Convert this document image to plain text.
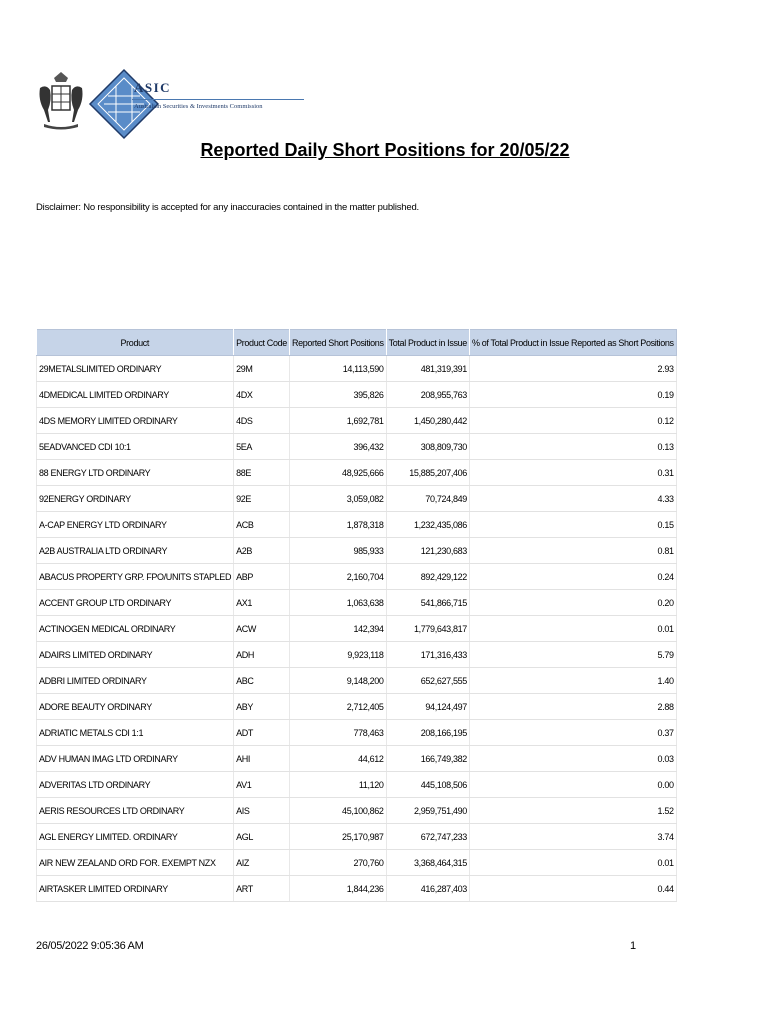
ASIC
Australian Securities & Investments Commission
Reported Daily Short Positions for 20/05/22
Disclaimer: No responsibility is accepted for any inaccuracies contained in the matter published.
Product	Product Code	Reported Short Positions	Total Product in Issue	% of Total Product in Issue Reported as Short Positions
29METALSLIMITED ORDINARY	29M	14,113,590	481,319,391	2.93
4DMEDICAL LIMITED ORDINARY	4DX	395,826	208,955,763	0.19
4DS MEMORY LIMITED ORDINARY	4DS	1,692,781	1,450,280,442	0.12
5EADVANCED CDI 10:1	5EA	396,432	308,809,730	0.13
88 ENERGY LTD ORDINARY	88E	48,925,666	15,885,207,406	0.31
92ENERGY ORDINARY	92E	3,059,082	70,724,849	4.33
A-CAP ENERGY LTD ORDINARY	ACB	1,878,318	1,232,435,086	0.15
A2B AUSTRALIA LTD ORDINARY	A2B	985,933	121,230,683	0.81
ABACUS PROPERTY GRP. FPO/UNITS STAPLED	ABP	2,160,704	892,429,122	0.24
ACCENT GROUP LTD ORDINARY	AX1	1,063,638	541,866,715	0.20
ACTINOGEN MEDICAL ORDINARY	ACW	142,394	1,779,643,817	0.01
ADAIRS LIMITED ORDINARY	ADH	9,923,118	171,316,433	5.79
ADBRI LIMITED ORDINARY	ABC	9,148,200	652,627,555	1.40
ADORE BEAUTY ORDINARY	ABY	2,712,405	94,124,497	2.88
ADRIATIC METALS CDI 1:1	ADT	778,463	208,166,195	0.37
ADV HUMAN IMAG LTD ORDINARY	AHI	44,612	166,749,382	0.03
ADVERITAS LTD ORDINARY	AV1	11,120	445,108,506	0.00
AERIS RESOURCES LTD ORDINARY	AIS	45,100,862	2,959,751,490	1.52
AGL ENERGY LIMITED. ORDINARY	AGL	25,170,987	672,747,233	3.74
AIR NEW ZEALAND ORD FOR. EXEMPT NZX	AIZ	270,760	3,368,464,315	0.01
AIRTASKER LIMITED ORDINARY	ART	1,844,236	416,287,403	0.44
26/05/2022 9:05:36 AM	1
